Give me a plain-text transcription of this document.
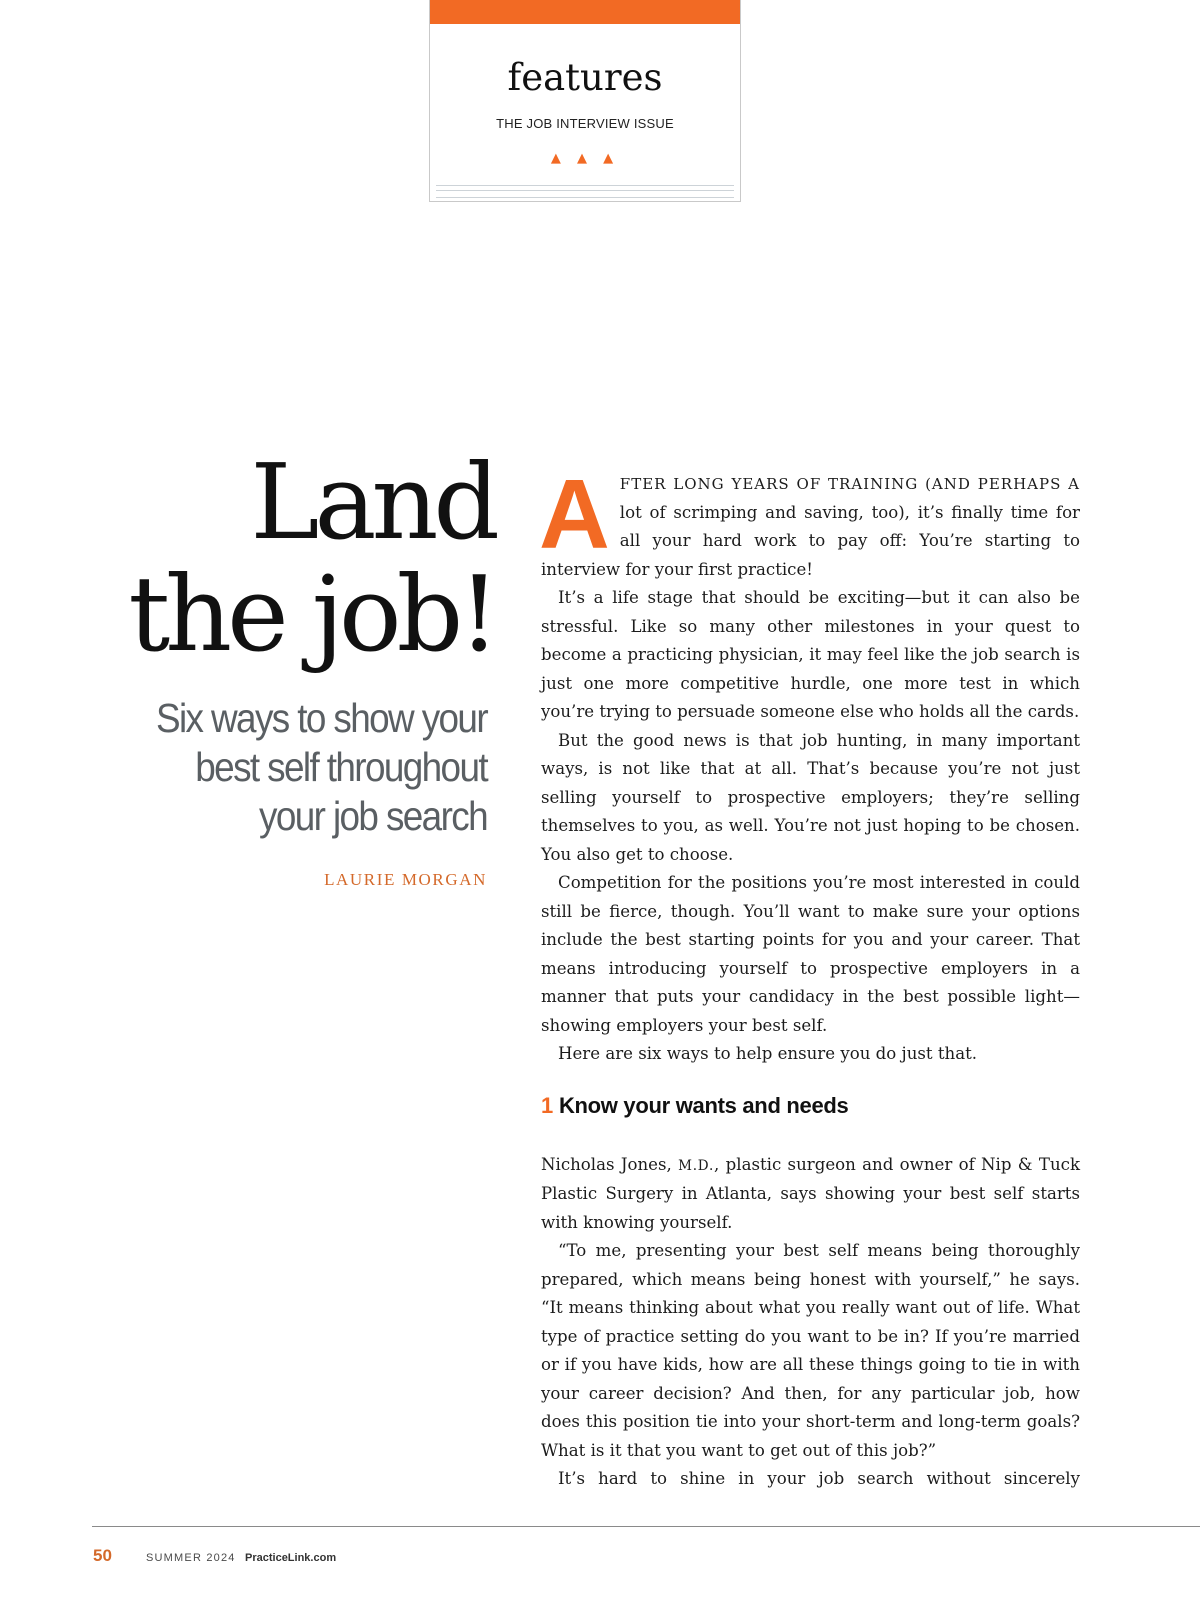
features
THE JOB INTERVIEW ISSUE
▲ ▲ ▲
Land
the job!
Six ways to show your
best self throughout
your job search
LAURIE MORGAN

AFTER LONG YEARS OF TRAINING (AND PERHAPS A lot of scrimping and saving, too), it’s finally time for all your hard work to pay off: You’re starting to interview for your first practice!

It’s a life stage that should be exciting—but it can also be stressful. Like so many other milestones in your quest to become a practicing physician, it may feel like the job search is just one more competitive hurdle, one more test in which you’re trying to persuade someone else who holds all the cards.

But the good news is that job hunting, in many important ways, is not like that at all. That’s because you’re not just selling yourself to prospective employers; they’re selling themselves to you, as well. You’re not just hoping to be chosen. You also get to choose.

Competition for the positions you’re most interested in could still be fierce, though. You’ll want to make sure your options include the best starting points for you and your career. That means introducing yourself to prospective employers in a manner that puts your candidacy in the best possible light—showing employers your best self.

Here are six ways to help ensure you do just that.

1 Know your wants and needs

Nicholas Jones, M.D., plastic surgeon and owner of Nip & Tuck Plastic Surgery in Atlanta, says showing your best self starts with knowing yourself.

“To me, presenting your best self means being thoroughly prepared, which means being honest with yourself,” he says. “It means thinking about what you really want out of life. What type of practice setting do you want to be in? If you’re married or if you have kids, how are all these things going to tie in with your career decision? And then, for any particular job, how does this position tie into your short-term and long-term goals? What is it that you want to get out of this job?”

It’s hard to shine in your job search without sincerely

50	SUMMER 2024 PracticeLink.com
